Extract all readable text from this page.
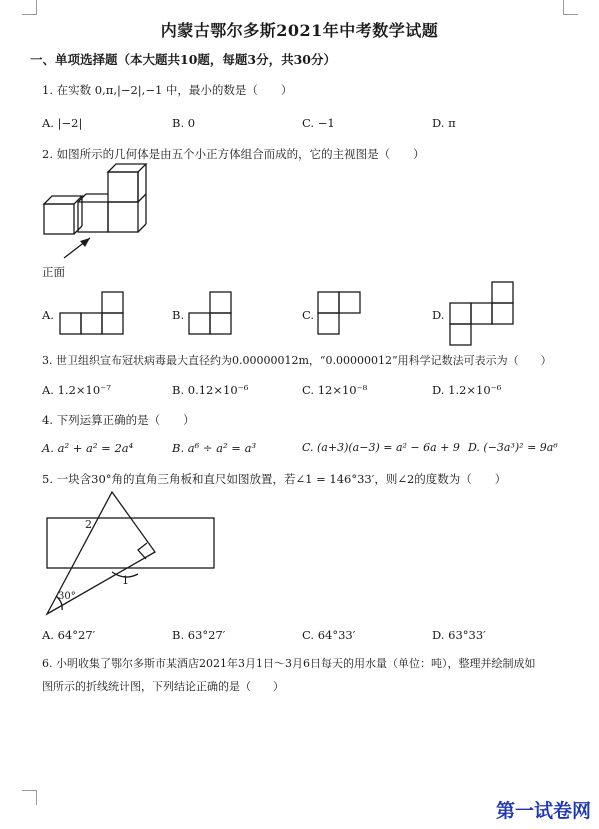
内蒙古鄂尔多斯2021年中考数学试题
一、单项选择题（本大题共10题，每题3分，共30分）
1. 在实数 0,π,|−2|,−1 中，最小的数是（　　）
A. |−2|	B. 0	C. −1	D. π
2. 如图所示的几何体是由五个小正方体组合而成的，它的主视图是（　　）
正面
A.	B.	C.	D.
3. 世卫组织宣布冠状病毒最大直径约为0.00000012m，“0.00000012”用科学记数法可表示为（　　）
A. 1.2×10⁻⁷	B. 0.12×10⁻⁶	C. 12×10⁻⁸	D. 1.2×10⁻⁶
4. 下列运算正确的是（　　）
A. a² + a² = 2a⁴	B. a⁶ ÷ a² = a³	C. (a+3)(a−3) = a² − 6a + 9 D. (−3a³)² = 9a⁶
5. 一块含30°角的直角三角板和直尺如图放置，若∠1 = 146°33′，则∠2的度数为（　　）
2
1
30°
A. 64°27′	B. 63°27′	C. 64°33′	D. 63°33′
6. 小明收集了鄂尔多斯市某酒店2021年3月1日～3月6日每天的用水量（单位：吨），整理并绘制成如
图所示的折线统计图，下列结论正确的是（　　）
第一试卷网
